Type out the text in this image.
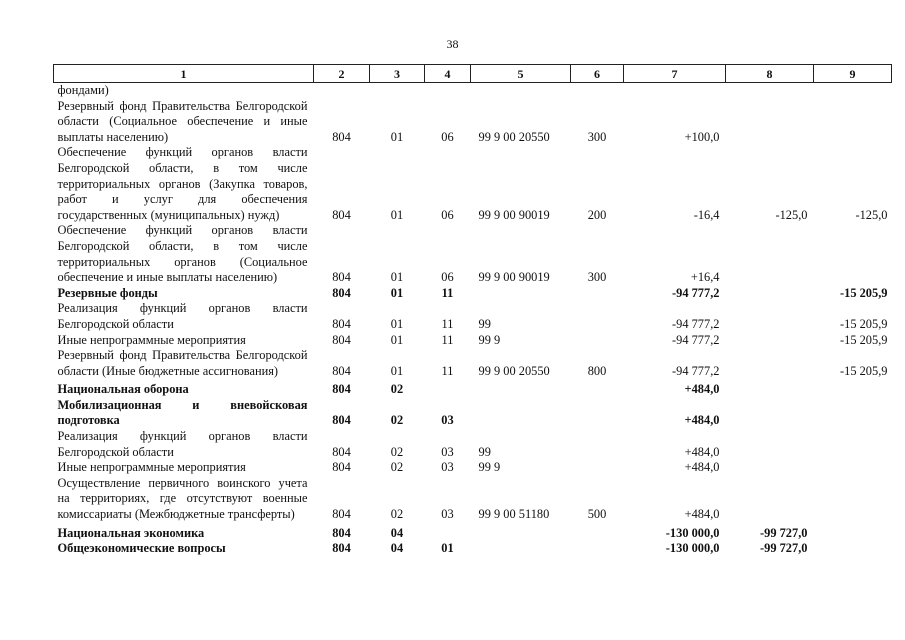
38
1	2	3	4	5	6	7	8	9
фондами)								
Резервный фонд Правительства Белгородской области (Социальное обеспечение и иные выплаты населению)	804	01	06	99 9 00 20550	300	+100,0		
Обеспечение функций органов власти Белгородской области, в том числе территориальных органов (Закупка товаров, работ и услуг для обеспечения государственных (муниципальных) нужд)	804	01	06	99 9 00 90019	200	-16,4	-125,0	-125,0
Обеспечение функций органов власти Белгородской области, в том числе территориальных органов (Социальное обеспечение и иные выплаты населению)	804	01	06	99 9 00 90019	300	+16,4		
Резервные фонды	804	01	11			-94 777,2		-15 205,9
Реализация функций органов власти Белгородской области	804	01	11	99		-94 777,2		-15 205,9
Иные непрограммные мероприятия	804	01	11	99 9		-94 777,2		-15 205,9
Резервный фонд Правительства Белгородской области (Иные бюджетные ассигнования)	804	01	11	99 9 00 20550	800	-94 777,2		-15 205,9
Национальная оборона	804	02				+484,0		
Мобилизационная и вневойсковая подготовка	804	02	03			+484,0		
Реализация функций органов власти Белгородской области	804	02	03	99		+484,0		
Иные непрограммные мероприятия	804	02	03	99 9		+484,0		
Осуществление первичного воинского учета на территориях, где отсутствуют военные комиссариаты (Межбюджетные трансферты)	804	02	03	99 9 00 51180	500	+484,0		
Национальная экономика	804	04				-130 000,0	-99 727,0	
Общеэкономические вопросы	804	04	01			-130 000,0	-99 727,0	
